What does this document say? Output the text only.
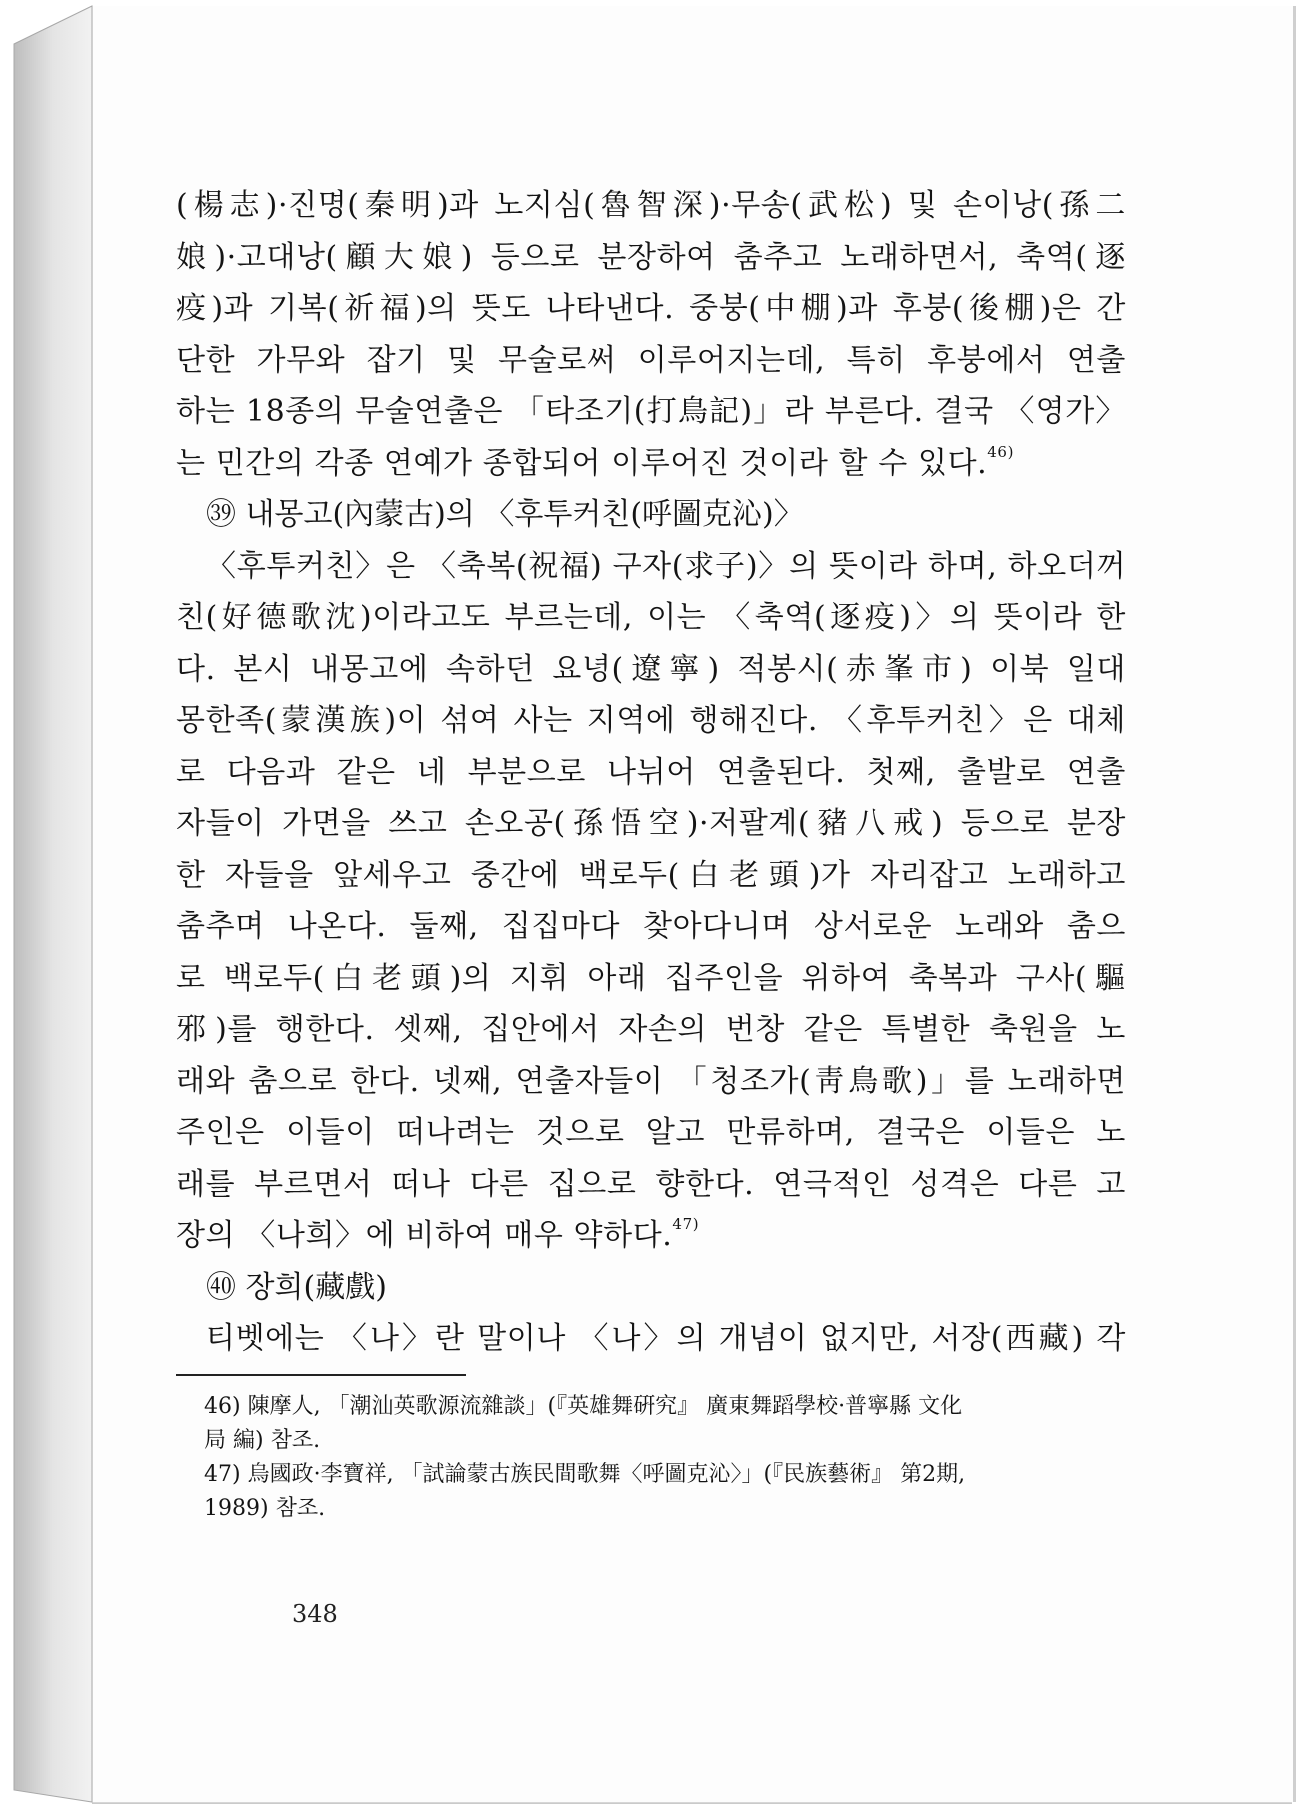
(楊志)·진명(秦明)과 노지심(魯智深)·무송(武松) 및 손이낭(孫二
娘)·고대낭(顧大娘) 등으로 분장하여 춤추고 노래하면서, 축역(逐
疫)과 기복(祈福)의 뜻도 나타낸다. 중붕(中棚)과 후붕(後棚)은 간
단한 가무와 잡기 및 무술로써 이루어지는데, 특히 후붕에서 연출
하는 18종의 무술연출은 「타조기(打鳥記)」라 부른다. 결국 〈영가〉
는 민간의 각종 연예가 종합되어 이루어진 것이라 할 수 있다.$^{46)}$
㊴ 내몽고(內蒙古)의 〈후투커친(呼圖克沁)〉
〈후투커친〉은 〈축복(祝福) 구자(求子)〉의 뜻이라 하며, 하오더꺼
친(好德歌沈)이라고도 부르는데, 이는 〈축역(逐疫)〉의 뜻이라 한
다. 본시 내몽고에 속하던 요녕(遼寧) 적봉시(赤峯市) 이북 일대
몽한족(蒙漢族)이 섞여 사는 지역에 행해진다. 〈후투커친〉은 대체
로 다음과 같은 네 부분으로 나뉘어 연출된다. 첫째, 출발로 연출
자들이 가면을 쓰고 손오공(孫悟空)·저팔계(豬八戒) 등으로 분장
한 자들을 앞세우고 중간에 백로두(白老頭)가 자리잡고 노래하고
춤추며 나온다. 둘째, 집집마다 찾아다니며 상서로운 노래와 춤으
로 백로두(白老頭)의 지휘 아래 집주인을 위하여 축복과 구사(驅
邪)를 행한다. 셋째, 집안에서 자손의 번창 같은 특별한 축원을 노
래와 춤으로 한다. 넷째, 연출자들이 「청조가(靑鳥歌)」를 노래하면
주인은 이들이 떠나려는 것으로 알고 만류하며, 결국은 이들은 노
래를 부르면서 떠나 다른 집으로 향한다. 연극적인 성격은 다른 고
장의 〈나희〉에 비하여 매우 약하다.$^{47)}$
㊵ 장희(藏戲)
티벳에는 〈나〉란 말이나 〈나〉의 개념이 없지만, 서장(西藏) 각
46) 陳摩人, 「潮汕英歌源流雜談」(『英雄舞硏究』 廣東舞蹈學校·普寧縣 文化
局 編) 참조.
47) 烏國政·李寶祥, 「試論蒙古族民間歌舞〈呼圖克沁〉」(『民族藝術』 第2期,
1989) 참조.
348
